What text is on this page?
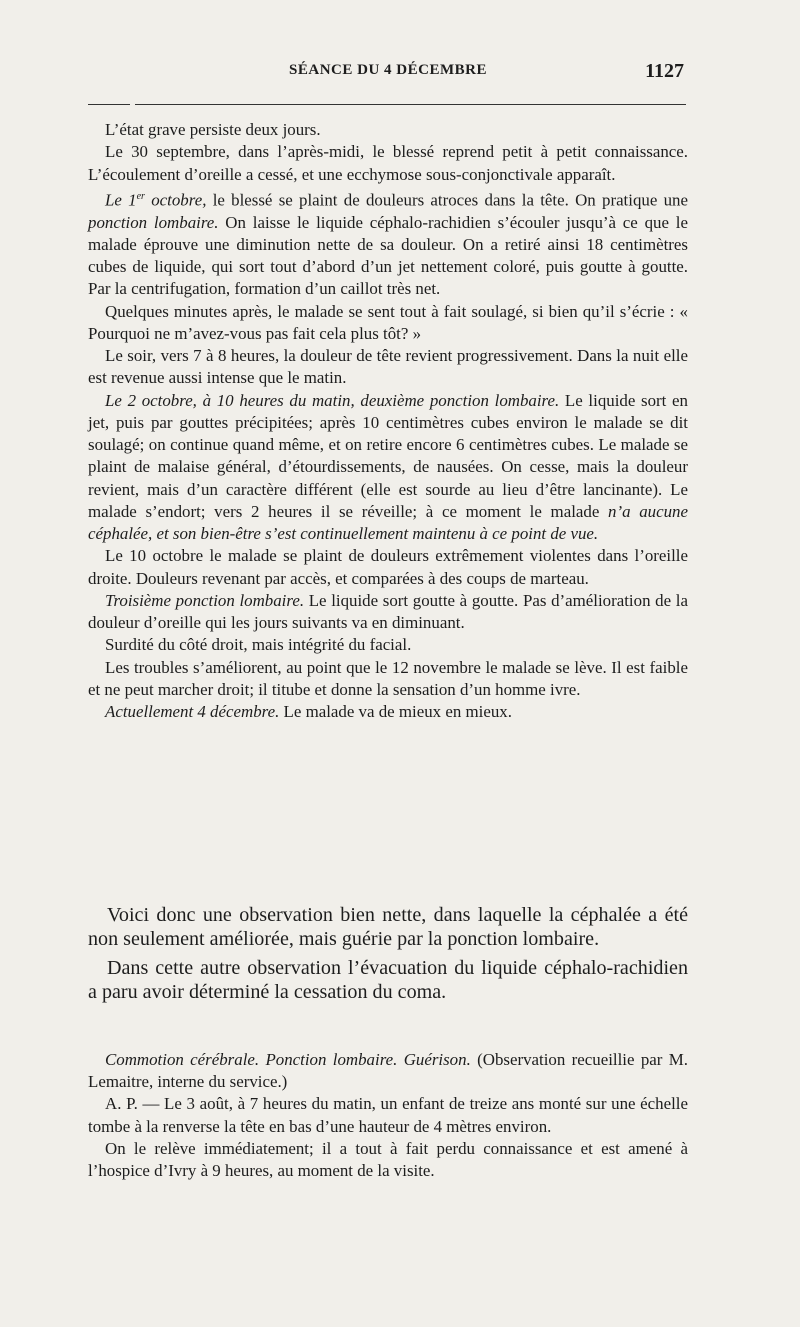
SÉANCE DU 4 DÉCEMBRE	1127

L’état grave persiste deux jours.

Le 30 septembre, dans l’après-midi, le blessé reprend petit à petit connaissance. L’écoulement d’oreille a cessé, et une ecchymose sous-conjonctivale apparaît.

Le 1er octobre, le blessé se plaint de douleurs atroces dans la tête. On pratique une ponction lombaire. On laisse le liquide céphalo-rachidien s’écouler jusqu’à ce que le malade éprouve une diminution nette de sa douleur. On a retiré ainsi 18 centimètres cubes de liquide, qui sort tout d’abord d’un jet nettement coloré, puis goutte à goutte. Par la centrifugation, formation d’un caillot très net.

Quelques minutes après, le malade se sent tout à fait soulagé, si bien qu’il s’écrie : « Pourquoi ne m’avez-vous pas fait cela plus tôt? »

Le soir, vers 7 à 8 heures, la douleur de tête revient progressivement. Dans la nuit elle est revenue aussi intense que le matin.

Le 2 octobre, à 10 heures du matin, deuxième ponction lombaire. Le liquide sort en jet, puis par gouttes précipitées; après 10 centimètres cubes environ le malade se dit soulagé; on continue quand même, et on retire encore 6 centimètres cubes. Le malade se plaint de malaise général, d’étourdissements, de nausées. On cesse, mais la douleur revient, mais d’un caractère différent (elle est sourde au lieu d’être lancinante). Le malade s’endort; vers 2 heures il se réveille; à ce moment le malade n’a aucune céphalée, et son bien-être s’est continuellement maintenu à ce point de vue.

Le 10 octobre le malade se plaint de douleurs extrêmement violentes dans l’oreille droite. Douleurs revenant par accès, et comparées à des coups de marteau.

Troisième ponction lombaire. Le liquide sort goutte à goutte. Pas d’amélioration de la douleur d’oreille qui les jours suivants va en diminuant.

Surdité du côté droit, mais intégrité du facial.

Les troubles s’améliorent, au point que le 12 novembre le malade se lève. Il est faible et ne peut marcher droit; il titube et donne la sensation d’un homme ivre.

Actuellement 4 décembre. Le malade va de mieux en mieux.

Voici donc une observation bien nette, dans laquelle la céphalée a été non seulement améliorée, mais guérie par la ponction lombaire.

Dans cette autre observation l’évacuation du liquide céphalo-rachidien a paru avoir déterminé la cessation du coma.

Commotion cérébrale. Ponction lombaire. Guérison. (Observation recueillie par M. Lemaitre, interne du service.)

A. P. — Le 3 août, à 7 heures du matin, un enfant de treize ans monté sur une échelle tombe à la renverse la tête en bas d’une hauteur de 4 mètres environ.

On le relève immédiatement; il a tout à fait perdu connaissance et est amené à l’hospice d’Ivry à 9 heures, au moment de la visite.
